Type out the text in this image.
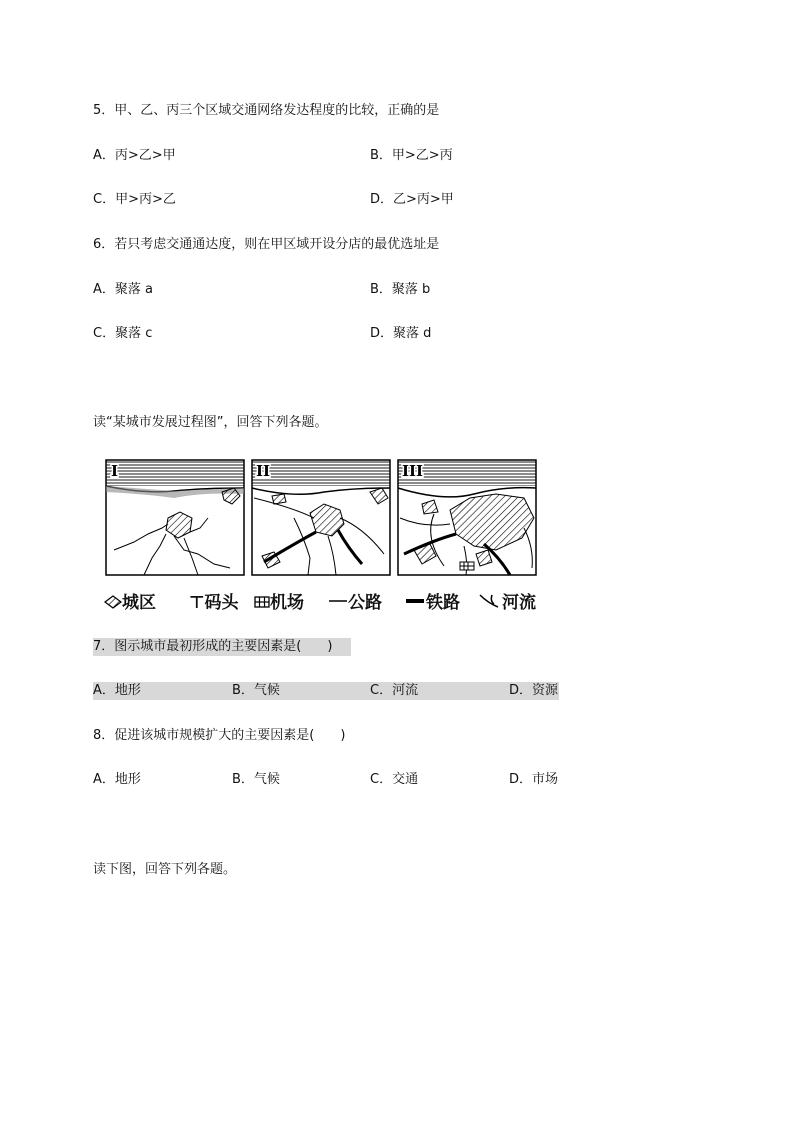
5．甲、乙、丙三个区域交通网络发达程度的比较，正确的是
A．丙>乙>甲	B．甲>乙>丙
C．甲>丙>乙	D．乙>丙>甲
6．若只考虑交通通达度，则在甲区域开设分店的最优选址是
A．聚落 a	B．聚落 b
C．聚落 c	D．聚落 d
读“某城市发展过程图”，回答下列各题。
I	II	III
城区 ⊤码头	机场	公路	铁路	河流
7．图示城市最初形成的主要因素是(　　)
A．地形	B．气候	C．河流	D．资源
8．促进该城市规模扩大的主要因素是(　　)
A．地形	B．气候	C．交通	D．市场
读下图，回答下列各题。
